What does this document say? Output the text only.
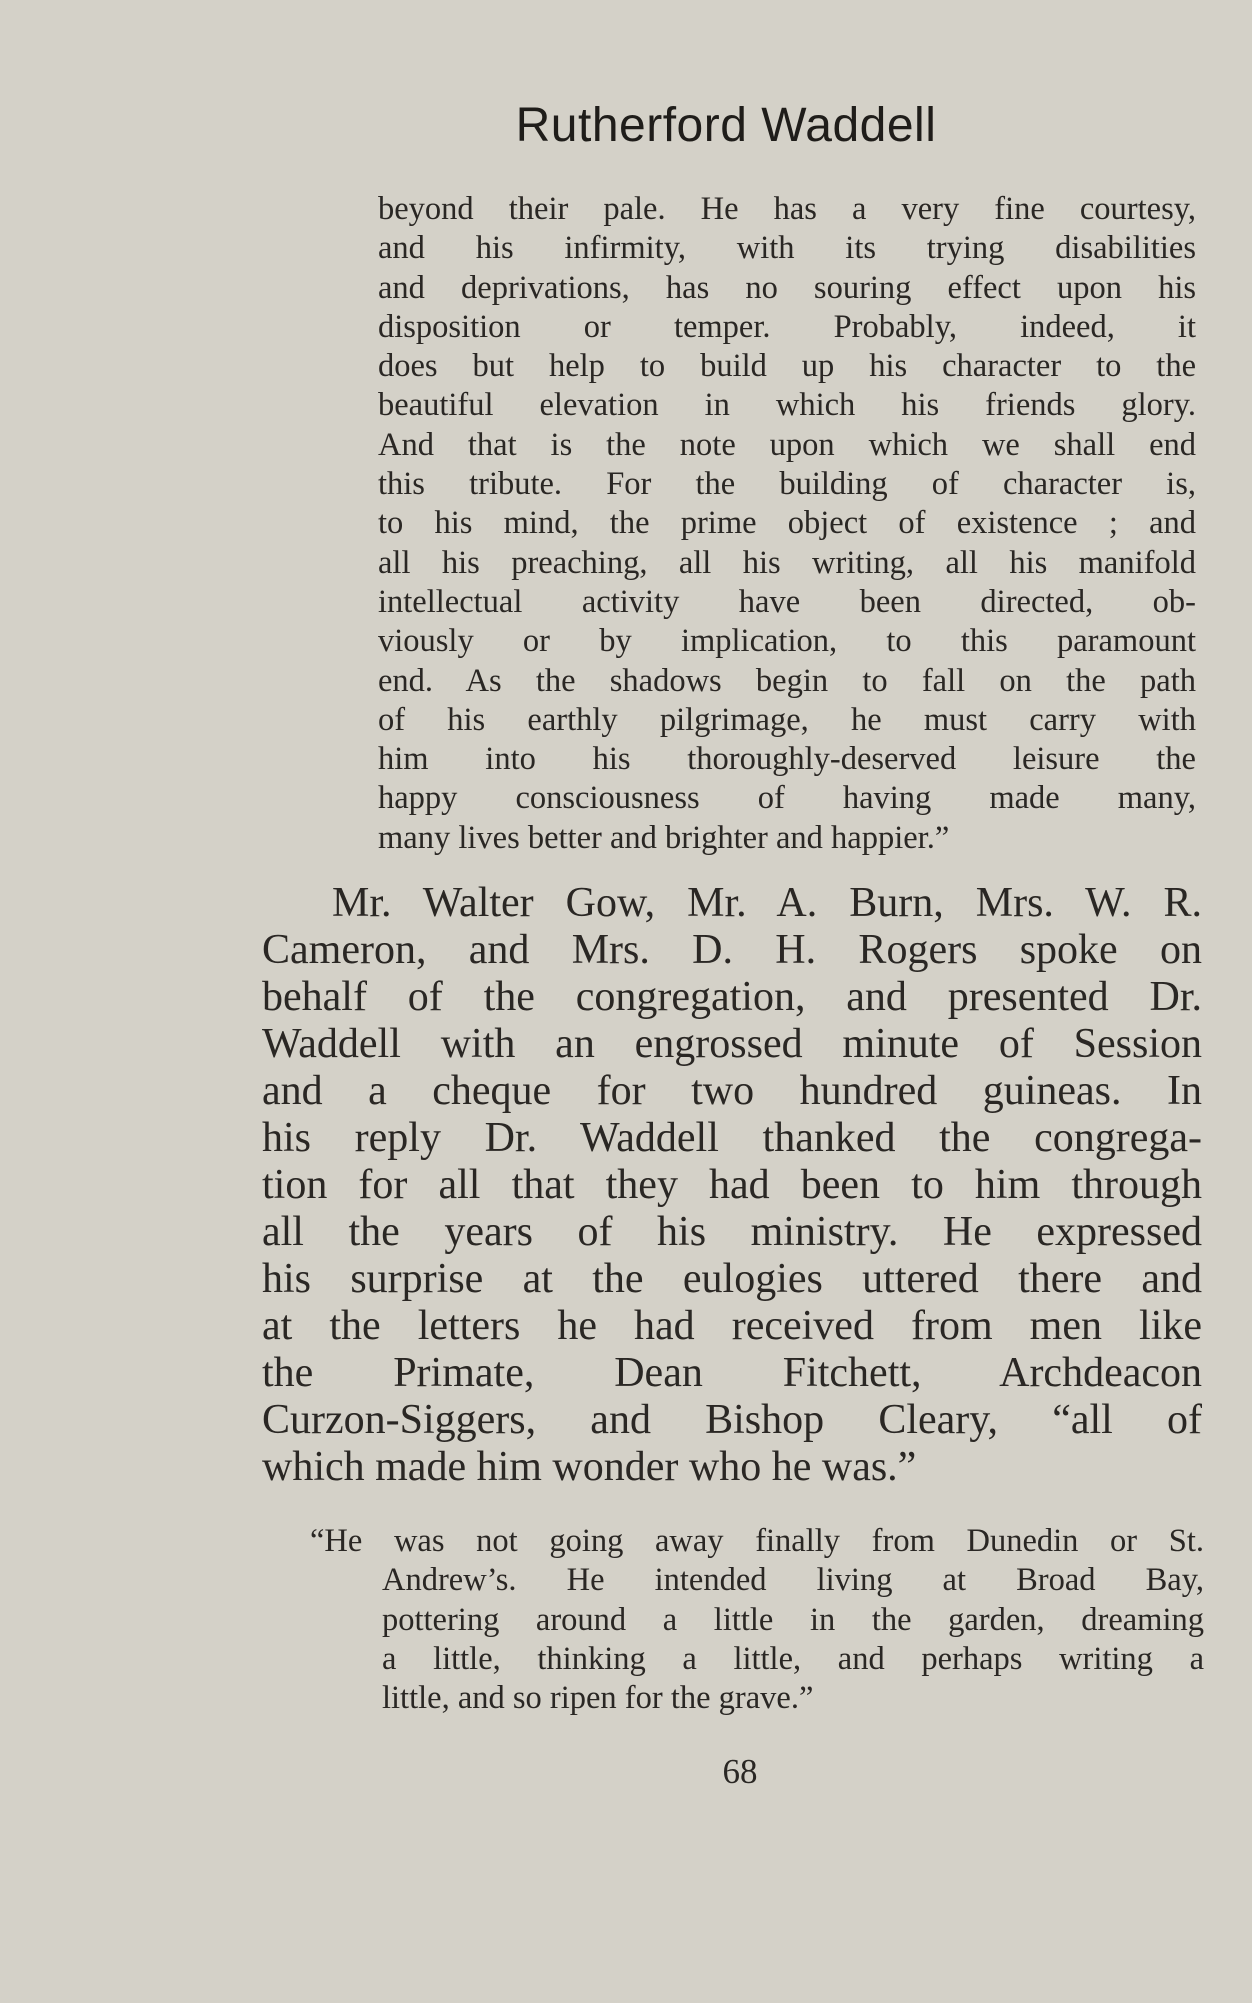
Rutherford Waddell
beyond their pale. He has a very fine courtesy,
and his infirmity, with its trying disabilities
and deprivations, has no souring effect upon his
disposition or temper. Probably, indeed, it
does but help to build up his character to the
beautiful elevation in which his friends glory.
And that is the note upon which we shall end
this tribute. For the building of character is,
to his mind, the prime object of existence ; and
all his preaching, all his writing, all his manifold
intellectual activity have been directed, ob-
viously or by implication, to this paramount
end. As the shadows begin to fall on the path
of his earthly pilgrimage, he must carry with
him into his thoroughly-deserved leisure the
happy consciousness of having made many,
many lives better and brighter and happier.”
Mr. Walter Gow, Mr. A. Burn, Mrs. W. R.
Cameron, and Mrs. D. H. Rogers spoke on
behalf of the congregation, and presented Dr.
Waddell with an engrossed minute of Session
and a cheque for two hundred guineas. In
his reply Dr. Waddell thanked the congrega-
tion for all that they had been to him through
all the years of his ministry. He expressed
his surprise at the eulogies uttered there and
at the letters he had received from men like
the Primate, Dean Fitchett, Archdeacon
Curzon-Siggers, and Bishop Cleary, “all of
which made him wonder who he was.”
“He was not going away finally from Dunedin or St.
Andrew’s. He intended living at Broad Bay,
pottering around a little in the garden, dreaming
a little, thinking a little, and perhaps writing a
little, and so ripen for the grave.”
68
